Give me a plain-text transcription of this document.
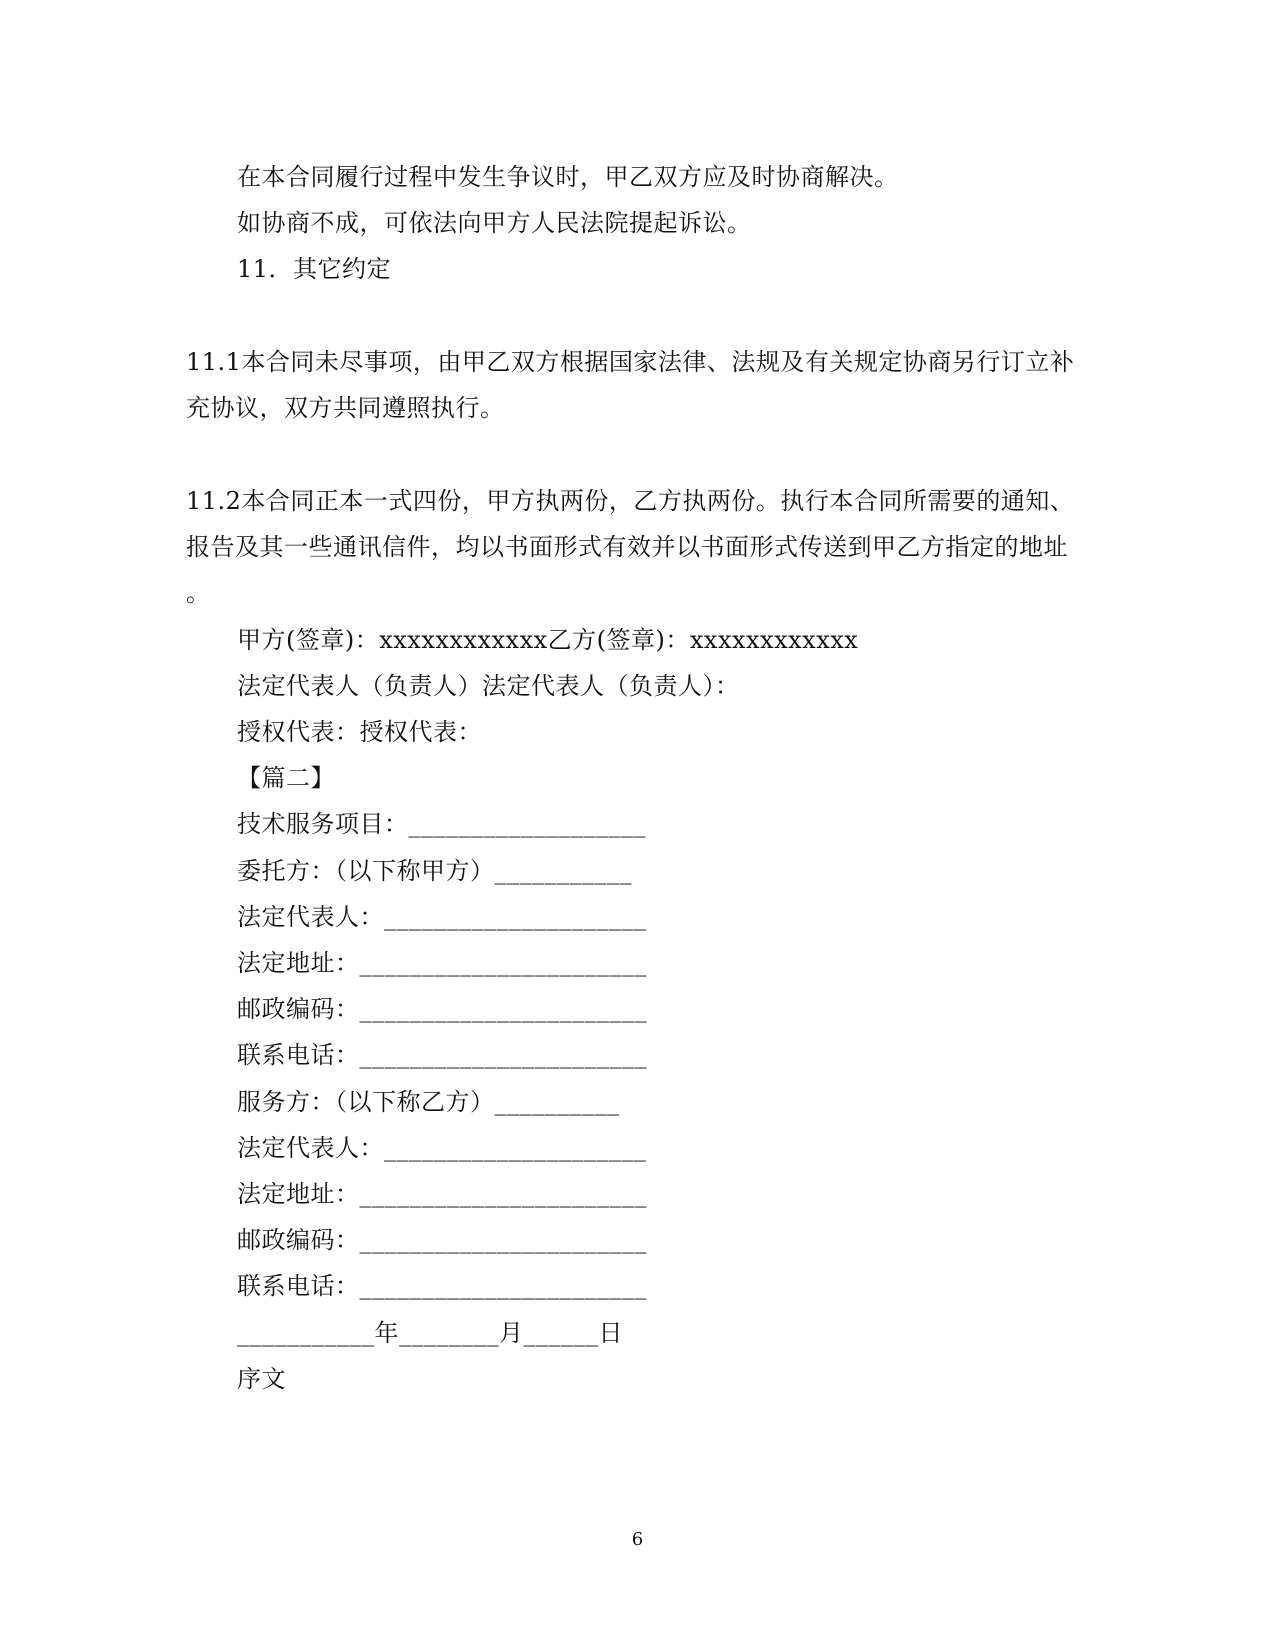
在本合同履行过程中发生争议时，甲乙双方应及时协商解决。
如协商不成，可依法向甲方人民法院提起诉讼。
11．其它约定
11.1本合同未尽事项，由甲乙双方根据国家法律、法规及有关规定协商另行订立补
充协议，双方共同遵照执行。
11.2本合同正本一式四份，甲方执两份，乙方执两份。执行本合同所需要的通知、
报告及其一些通讯信件，均以书面形式有效并以书面形式传送到甲乙方指定的地址
。
甲方(签章)：xxxxxxxxxxxx乙方(签章)：xxxxxxxxxxxx
法定代表人（负责人）法定代表人（负责人）：
授权代表：授权代表：
【篇二】
技术服务项目：___________________
委托方：（以下称甲方）___________
法定代表人：_____________________
法定地址：_______________________
邮政编码：_______________________
联系电话：_______________________
服务方：（以下称乙方）__________
法定代表人：_____________________
法定地址：_______________________
邮政编码：_______________________
联系电话：_______________________
___________年________月______日
序文
6
